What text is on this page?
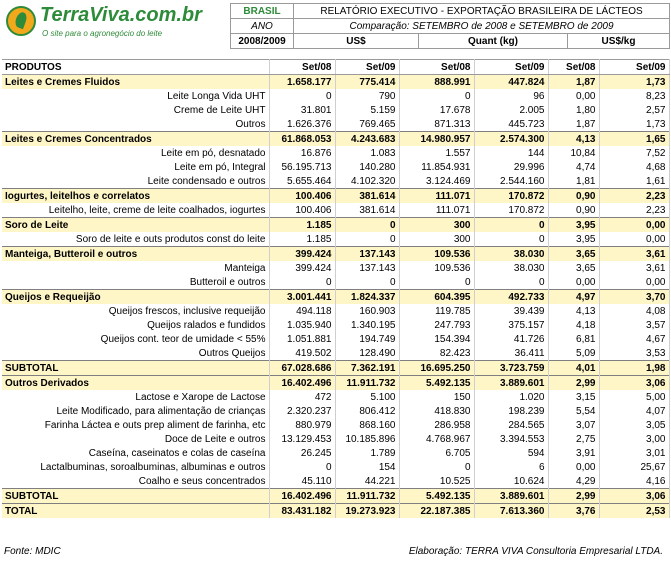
TerraViva.com.br
O site para o agronegócio do leite
BRASIL	RELATÓRIO EXECUTIVO - EXPORTAÇÃO BRASILEIRA DE LÁCTEOS		
ANO	Comparação: SETEMBRO de 2008 e SETEMBRO de 2009		
2008/2009	US$	Quant (kg)	US$/kg
PRODUTOS	Set/08	Set/09	Set/08	Set/09	Set/08	Set/09
Leites e Cremes Fluidos	1.658.177	775.414	888.991	447.824	1,87	1,73
Leite Longa Vida UHT	0	790	0	96	0,00	8,23
Creme de Leite UHT	31.801	5.159	17.678	2.005	1,80	2,57
Outros	1.626.376	769.465	871.313	445.723	1,87	1,73
Leites e Cremes Concentrados	61.868.053	4.243.683	14.980.957	2.574.300	4,13	1,65
Leite em pó, desnatado	16.876	1.083	1.557	144	10,84	7,52
Leite em pó, Integral	56.195.713	140.280	11.854.931	29.996	4,74	4,68
Leite condensado e outros	5.655.464	4.102.320	3.124.469	2.544.160	1,81	1,61
Iogurtes, leitelhos e correlatos	100.406	381.614	111.071	170.872	0,90	2,23
Leitelho, leite, creme de leite coalhados, iogurtes	100.406	381.614	111.071	170.872	0,90	2,23
Soro de Leite	1.185	0	300	0	3,95	0,00
Soro de leite e outs produtos const do leite	1.185	0	300	0	3,95	0,00
Manteiga, Butteroil e outros	399.424	137.143	109.536	38.030	3,65	3,61
Manteiga	399.424	137.143	109.536	38.030	3,65	3,61
Butteroil e outros	0	0	0	0	0,00	0,00
Queijos e Requeijão	3.001.441	1.824.337	604.395	492.733	4,97	3,70
Queijos frescos, inclusive requeijão	494.118	160.903	119.785	39.439	4,13	4,08
Queijos ralados e fundidos	1.035.940	1.340.195	247.793	375.157	4,18	3,57
Queijos cont. teor de umidade < 55%	1.051.881	194.749	154.394	41.726	6,81	4,67
Outros Queijos	419.502	128.490	82.423	36.411	5,09	3,53
SUBTOTAL	67.028.686	7.362.191	16.695.250	3.723.759	4,01	1,98
Outros Derivados	16.402.496	11.911.732	5.492.135	3.889.601	2,99	3,06
Lactose e Xarope de Lactose	472	5.100	150	1.020	3,15	5,00
Leite Modificado, para alimentação de crianças	2.320.237	806.412	418.830	198.239	5,54	4,07
Farinha Láctea e outs prep aliment de farinha, etc	880.979	868.160	286.958	284.565	3,07	3,05
Doce de Leite e outros	13.129.453	10.185.896	4.768.967	3.394.553	2,75	3,00
Caseína, caseinatos e colas de caseína	26.245	1.789	6.705	594	3,91	3,01
Lactalbuminas, soroalbuminas, albuminas e outros	0	154	0	6	0,00	25,67
Coalho e seus concentrados	45.110	44.221	10.525	10.624	4,29	4,16
SUBTOTAL	16.402.496	11.911.732	5.492.135	3.889.601	2,99	3,06
TOTAL	83.431.182	19.273.923	22.187.385	7.613.360	3,76	2,53
Fonte: MDIC	Elaboração: TERRA VIVA Consultoria Empresarial LTDA.
